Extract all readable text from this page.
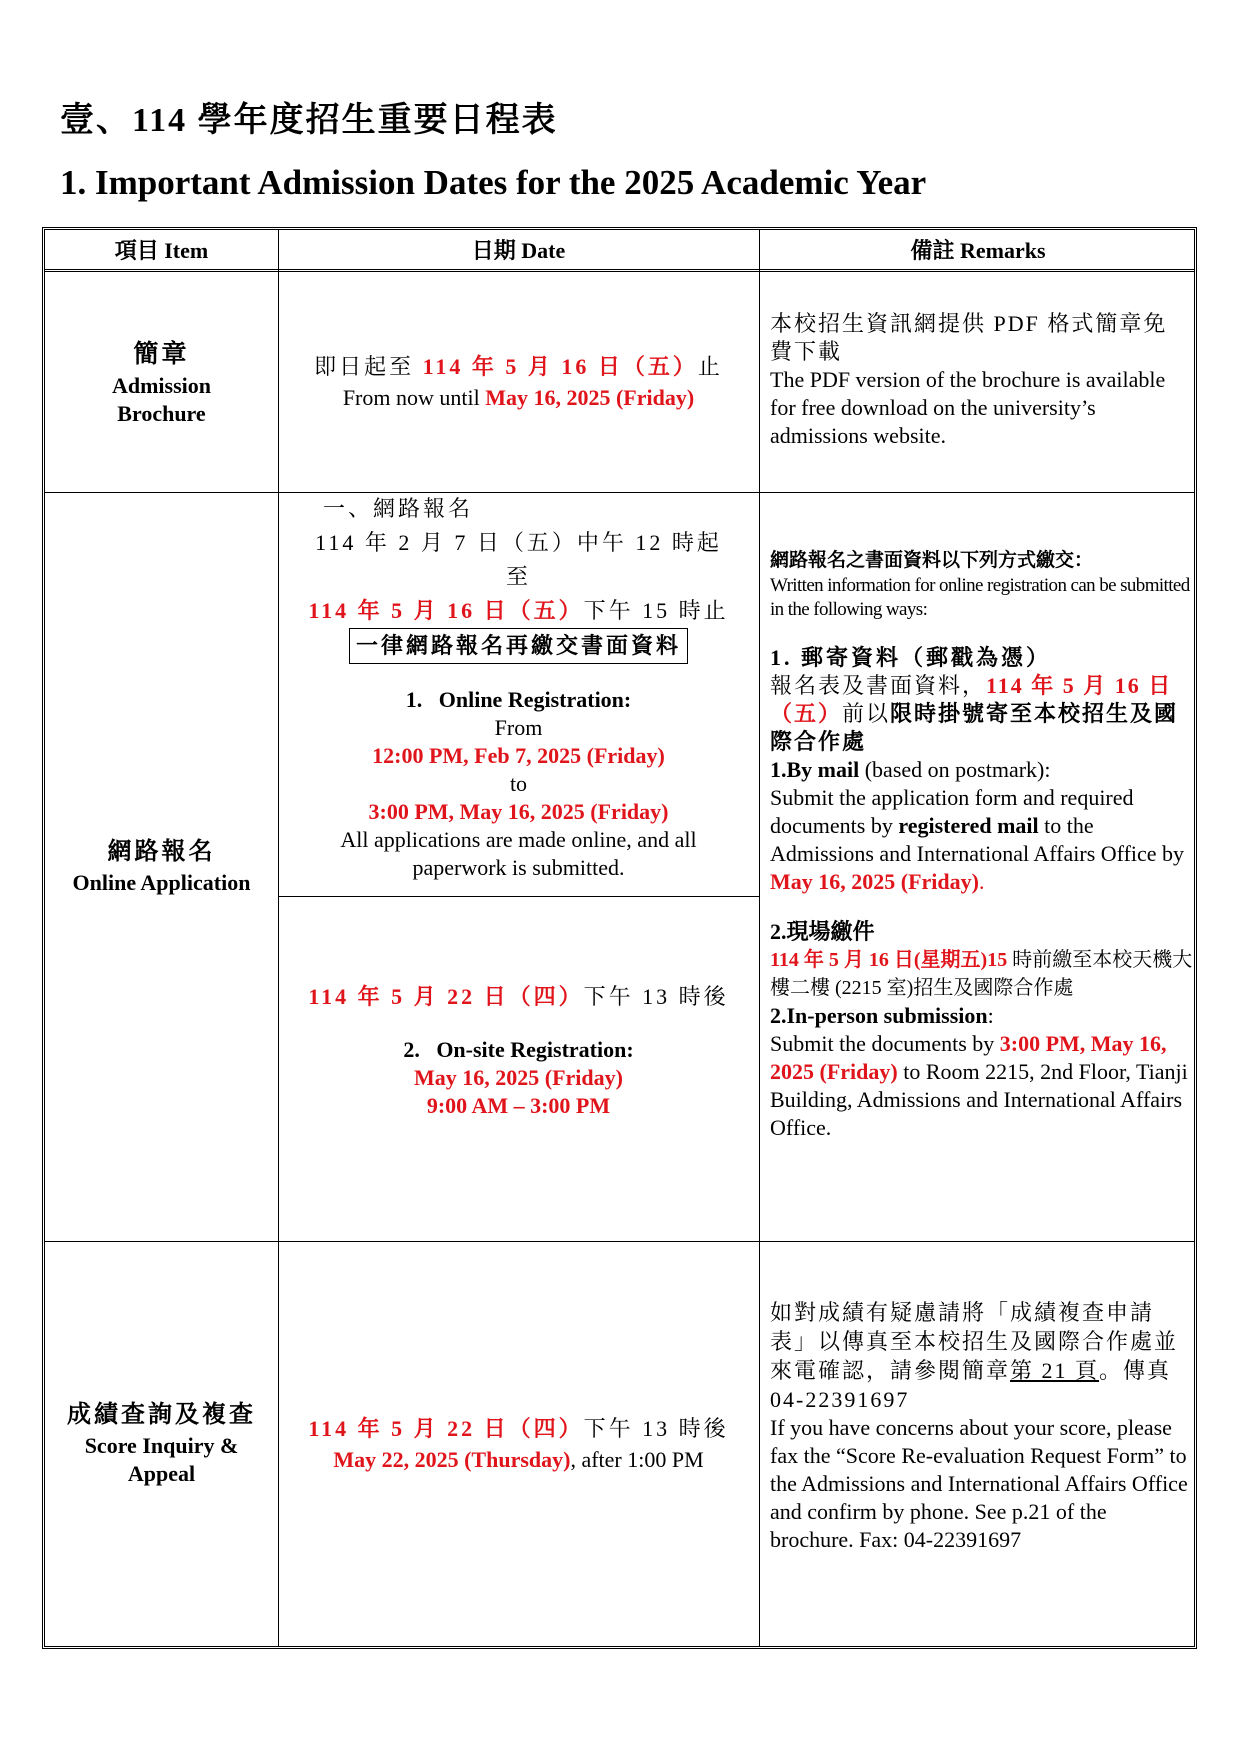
壹、114 學年度招生重要日程表
1. Important Admission Dates for the 2025 Academic Year
項目 Item	日期 Date	備註 Remarks
簡章
Admission
Brochure
即日起至 114 年 5 月 16 日（五）止
From now until May 16, 2025 (Friday)
本校招生資訊網提供 PDF 格式簡章免費下載
The PDF version of the brochure is available for free download on the university’s admissions website.
網路報名
Online Application
一、網路報名
114 年 2 月 7 日（五）中午 12 時起
至
114 年 5 月 16 日（五）下午 15 時止
一律網路報名再繳交書面資料
1. Online Registration:
From
12:00 PM, Feb 7, 2025 (Friday)
to
3:00 PM, May 16, 2025 (Friday)
All applications are made online, and all paperwork is submitted.
114 年 5 月 22 日（四）下午 13 時後
2. On-site Registration:
May 16, 2025 (Friday)
9:00 AM – 3:00 PM
網路報名之書面資料以下列方式繳交：
Written information for online registration can be submitted in the following ways:
1. 郵寄資料（郵戳為憑）
報名表及書面資料，114 年 5 月 16 日（五）前以限時掛號寄至本校招生及國際合作處
1.By mail (based on postmark):
Submit the application form and required documents by registered mail to the Admissions and International Affairs Office by May 16, 2025 (Friday).
2.現場繳件
114 年 5 月 16 日(星期五)15 時前繳至本校天機大樓二樓 (2215 室)招生及國際合作處
2.In-person submission:
Submit the documents by 3:00 PM, May 16, 2025 (Friday) to Room 2215, 2nd Floor, Tianji Building, Admissions and International Affairs Office.
成績查詢及複查
Score Inquiry &
Appeal
114 年 5 月 22 日（四）下午 13 時後
May 22, 2025 (Thursday), after 1:00 PM
如對成績有疑慮請將「成績複查申請表」以傳真至本校招生及國際合作處並來電確認，請參閱簡章第 21 頁。傳真 04-22391697
If you have concerns about your score, please fax the “Score Re-evaluation Request Form” to the Admissions and International Affairs Office and confirm by phone. See p.21 of the brochure. Fax: 04-22391697
